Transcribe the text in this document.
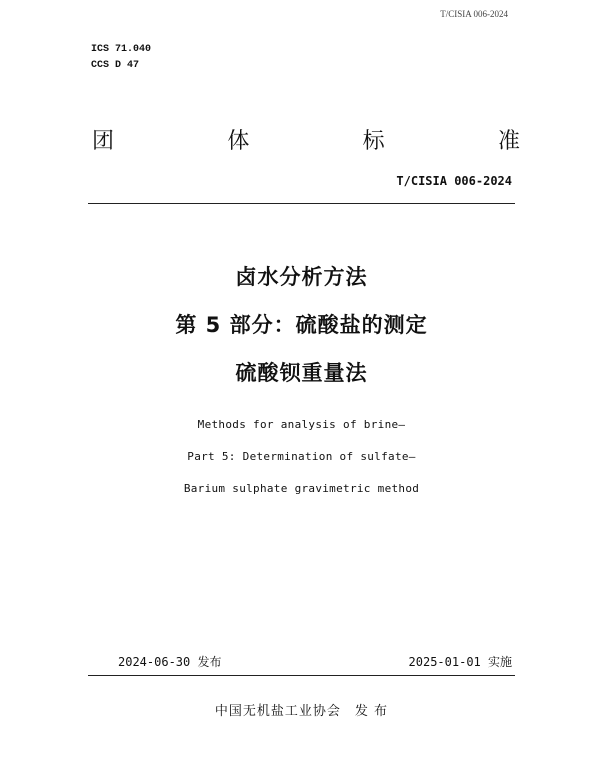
T/CISIA 006-2024
ICS 71.040
CCS D 47
团	体	标	准
T/CISIA 006-2024
卤水分析方法
第 5 部分：硫酸盐的测定
硫酸钡重量法
Methods for analysis of brine—
Part 5: Determination of sulfate—
Barium sulphate gravimetric method
2024-06-30 发布	2025-01-01 实施
中国无机盐工业协会　发 布
